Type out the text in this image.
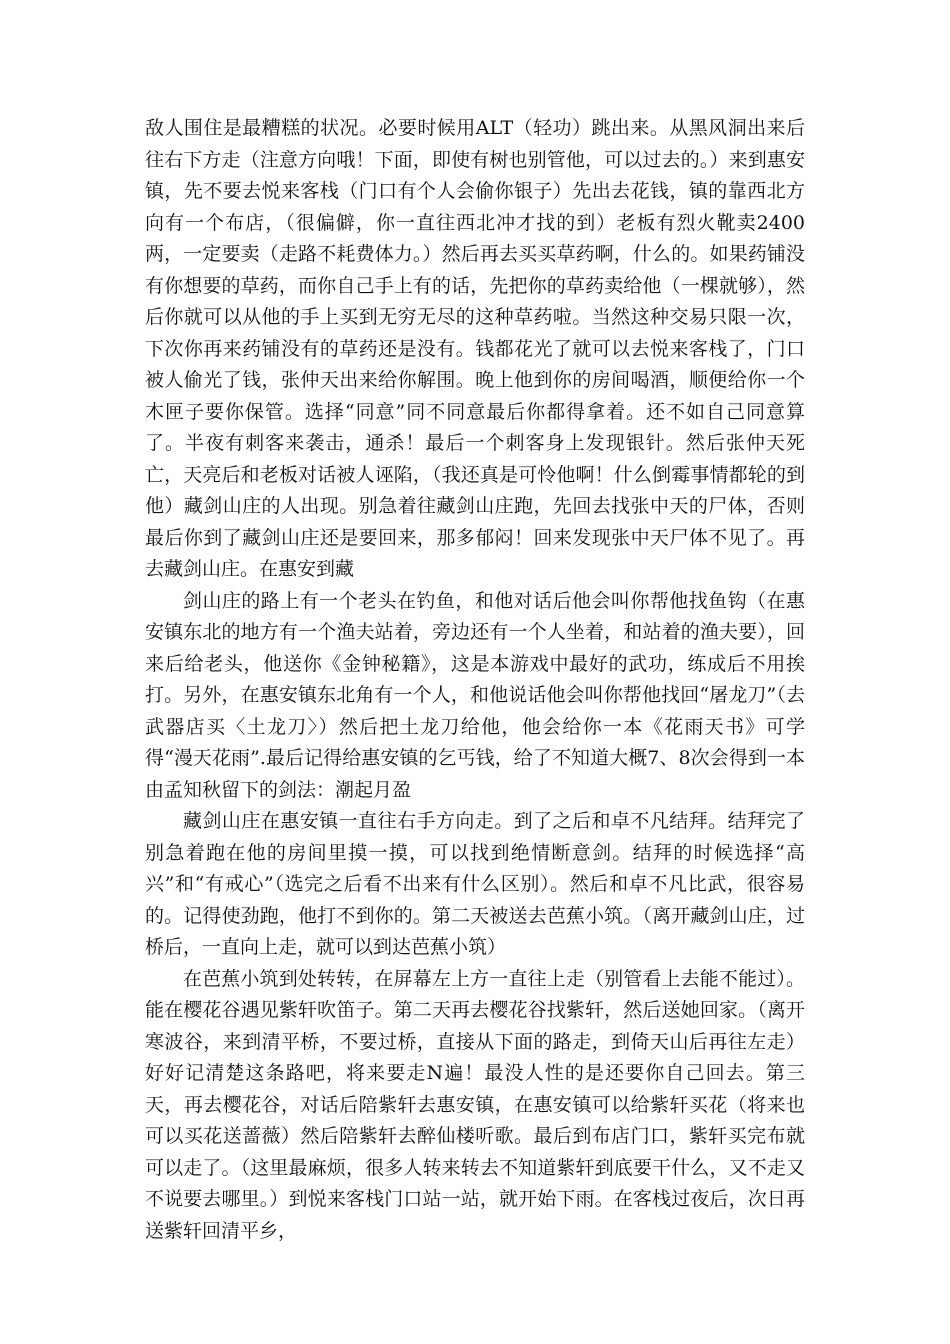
敌人围住是最糟糕的状况。必要时候用ALT（轻功）跳出来。从黑风洞出来后往右下方走（注意方向哦！下面，即使有树也别管他，可以过去的。）来到惠安镇，先不要去悦来客栈（门口有个人会偷你银子）先出去花钱，镇的靠西北方向有一个布店，（很偏僻，你一直往西北冲才找的到）老板有烈火靴卖2400两，一定要卖（走路不耗费体力。）然后再去买买草药啊，什么的。如果药铺没有你想要的草药，而你自己手上有的话，先把你的草药卖给他（一棵就够），然后你就可以从他的手上买到无穷无尽的这种草药啦。当然这种交易只限一次，下次你再来药铺没有的草药还是没有。钱都花光了就可以去悦来客栈了，门口被人偷光了钱，张仲天出来给你解围。晚上他到你的房间喝酒，顺便给你一个木匣子要你保管。选择“同意”同不同意最后你都得拿着。还不如自己同意算了。半夜有刺客来袭击，通杀！最后一个刺客身上发现银针。然后张仲天死亡，天亮后和老板对话被人诬陷，（我还真是可怜他啊！什么倒霉事情都轮的到他）藏剑山庄的人出现。别急着往藏剑山庄跑，先回去找张中天的尸体，否则最后你到了藏剑山庄还是要回来，那多郁闷！回来发现张中天尸体不见了。再去藏剑山庄。在惠安到藏

剑山庄的路上有一个老头在钓鱼，和他对话后他会叫你帮他找鱼钩（在惠安镇东北的地方有一个渔夫站着，旁边还有一个人坐着，和站着的渔夫要），回来后给老头，他送你《金钟秘籍》，这是本游戏中最好的武功，练成后不用挨打。另外，在惠安镇东北角有一个人，和他说话他会叫你帮他找回“屠龙刀”（去武器店买〈土龙刀〉）然后把土龙刀给他，他会给你一本《花雨天书》可学得“漫天花雨”.最后记得给惠安镇的乞丐钱，给了不知道大概7、8次会得到一本由孟知秋留下的剑法：潮起月盈

藏剑山庄在惠安镇一直往右手方向走。到了之后和卓不凡结拜。结拜完了别急着跑在他的房间里摸一摸，可以找到绝情断意剑。结拜的时候选择“高兴”和“有戒心”（选完之后看不出来有什么区别）。然后和卓不凡比武，很容易的。记得使劲跑，他打不到你的。第二天被送去芭蕉小筑。（离开藏剑山庄，过桥后，一直向上走，就可以到达芭蕉小筑）

在芭蕉小筑到处转转，在屏幕左上方一直往上走（别管看上去能不能过）。能在樱花谷遇见紫轩吹笛子。第二天再去樱花谷找紫轩，然后送她回家。（离开寒波谷，来到清平桥，不要过桥，直接从下面的路走，到倚天山后再往左走）好好记清楚这条路吧，将来要走N遍！最没人性的是还要你自己回去。第三天，再去樱花谷，对话后陪紫轩去惠安镇，在惠安镇可以给紫轩买花（将来也可以买花送蔷薇）然后陪紫轩去醉仙楼听歌。最后到布店门口，紫轩买完布就可以走了。（这里最麻烦，很多人转来转去不知道紫轩到底要干什么，又不走又不说要去哪里。）到悦来客栈门口站一站，就开始下雨。在客栈过夜后，次日再送紫轩回清平乡，
